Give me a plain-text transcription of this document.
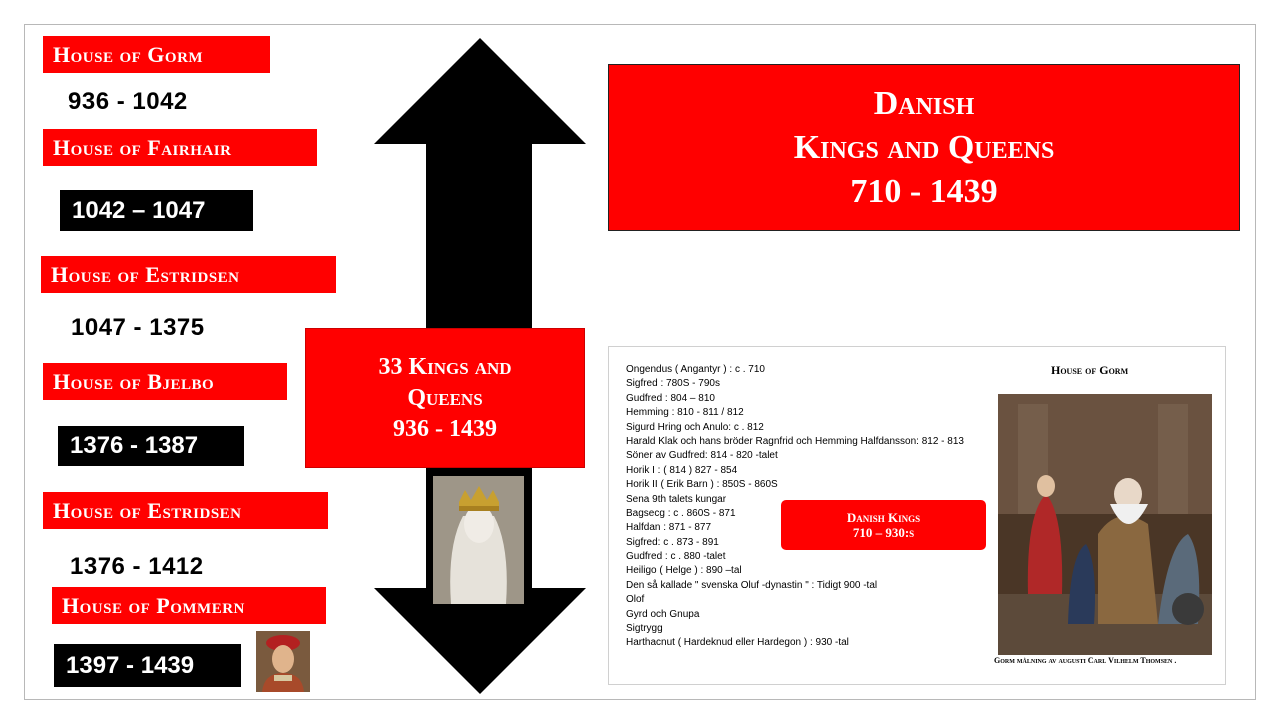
House of Gorm
936 - 1042
House of Fairhair
1042 – 1047
House of Estridsen
1047 - 1375
House of Bjelbo
1376 - 1387
House of Estridsen
1376 - 1412
House of Pommern
1397 - 1439
33 Kings and
Queens
936 - 1439
Danish
Kings and Queens
710 - 1439
Ongendus ( Angantyr ) : c . 710
Sigfred : 780S - 790s
Gudfred : 804 – 810
Hemming : 810 - 811 / 812
Sigurd Hring och Anulo: c . 812
Harald Klak och hans bröder Ragnfrid och Hemming Halfdansson: 812 - 813
Söner av Gudfred: 814 - 820 -talet
Horik I : ( 814 ) 827 - 854
Horik II ( Erik Barn ) : 850S - 860S
Sena 9th talets kungar
Bagsecg : c . 860S - 871
Halfdan : 871 - 877
Sigfred: c . 873 - 891
Gudfred : c . 880 -talet
Heiligo ( Helge ) : 890 –tal
Den så kallade " svenska Oluf -dynastin " : Tidigt 900 -tal
Olof
Gyrd och Gnupa
Sigtrygg
Harthacnut ( Hardeknud eller Hardegon ) : 930 -tal
House of Gorm
Danish Kings
710 – 930:s
Gorm målning av augusti Carl Vilhelm Thomsen .
